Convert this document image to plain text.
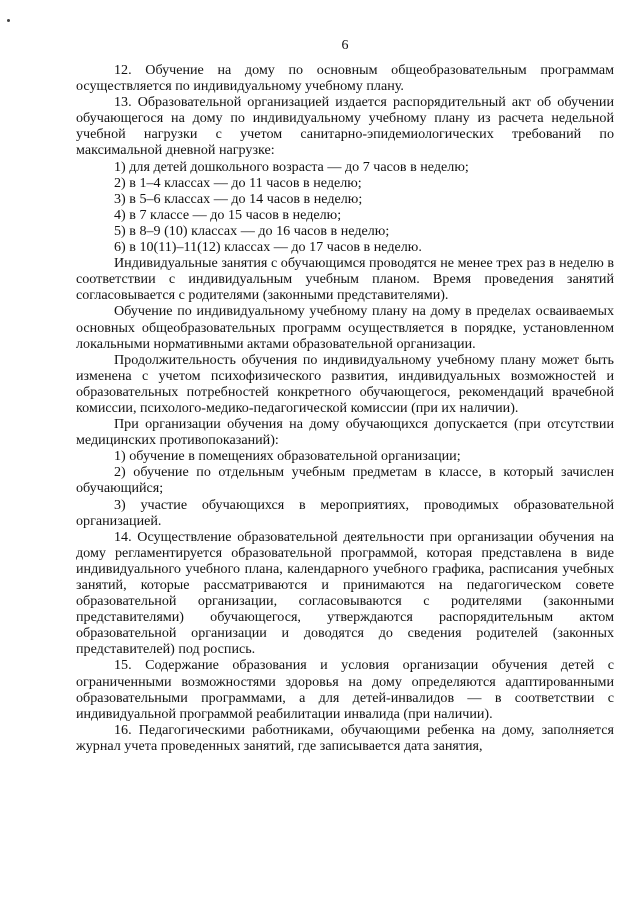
6

12. Обучение на дому по основным общеобразовательным программам осуществляется по индивидуальному учебному плану.

13. Образовательной организацией издается распорядительный акт об обучении обучающегося на дому по индивидуальному учебному плану из расчета недельной учебной нагрузки с учетом санитарно-эпидемиологических требований по максимальной дневной нагрузке:

1) для детей дошкольного возраста — до 7 часов в неделю;

2) в 1–4 классах — до 11 часов в неделю;

3) в 5–6 классах — до 14 часов в неделю;

4) в 7 классе — до 15 часов в неделю;

5) в 8–9 (10) классах — до 16 часов в неделю;

6) в 10(11)–11(12) классах — до 17 часов в неделю.

Индивидуальные занятия с обучающимся проводятся не менее трех раз в неделю в соответствии с индивидуальным учебным планом. Время проведения занятий согласовывается с родителями (законными представителями).

Обучение по индивидуальному учебному плану на дому в пределах осваиваемых основных общеобразовательных программ осуществляется в порядке, установленном локальными нормативными актами образовательной организации.

Продолжительность обучения по индивидуальному учебному плану может быть изменена с учетом психофизического развития, индивидуальных возможностей и образовательных потребностей конкретного обучающегося, рекомендаций врачебной комиссии, психолого-медико-педагогической комиссии (при их наличии).

При организации обучения на дому обучающихся допускается (при отсутствии медицинских противопоказаний):

1) обучение в помещениях образовательной организации;

2) обучение по отдельным учебным предметам в классе, в который зачислен обучающийся;

3) участие обучающихся в мероприятиях, проводимых образовательной организацией.

14. Осуществление образовательной деятельности при организации обучения на дому регламентируется образовательной программой, которая представлена в виде индивидуального учебного плана, календарного учебного графика, расписания учебных занятий, которые рассматриваются и принимаются на педагогическом совете образовательной организации, согласовываются с родителями (законными представителями) обучающегося, утверждаются распорядительным актом образовательной организации и доводятся до сведения родителей (законных представителей) под роспись.

15. Содержание образования и условия организации обучения детей с ограниченными возможностями здоровья на дому определяются адаптированными образовательными программами, а для детей-инвалидов — в соответствии с индивидуальной программой реабилитации инвалида (при наличии).

16. Педагогическими работниками, обучающими ребенка на дому, заполняется журнал учета проведенных занятий, где записывается дата занятия,
